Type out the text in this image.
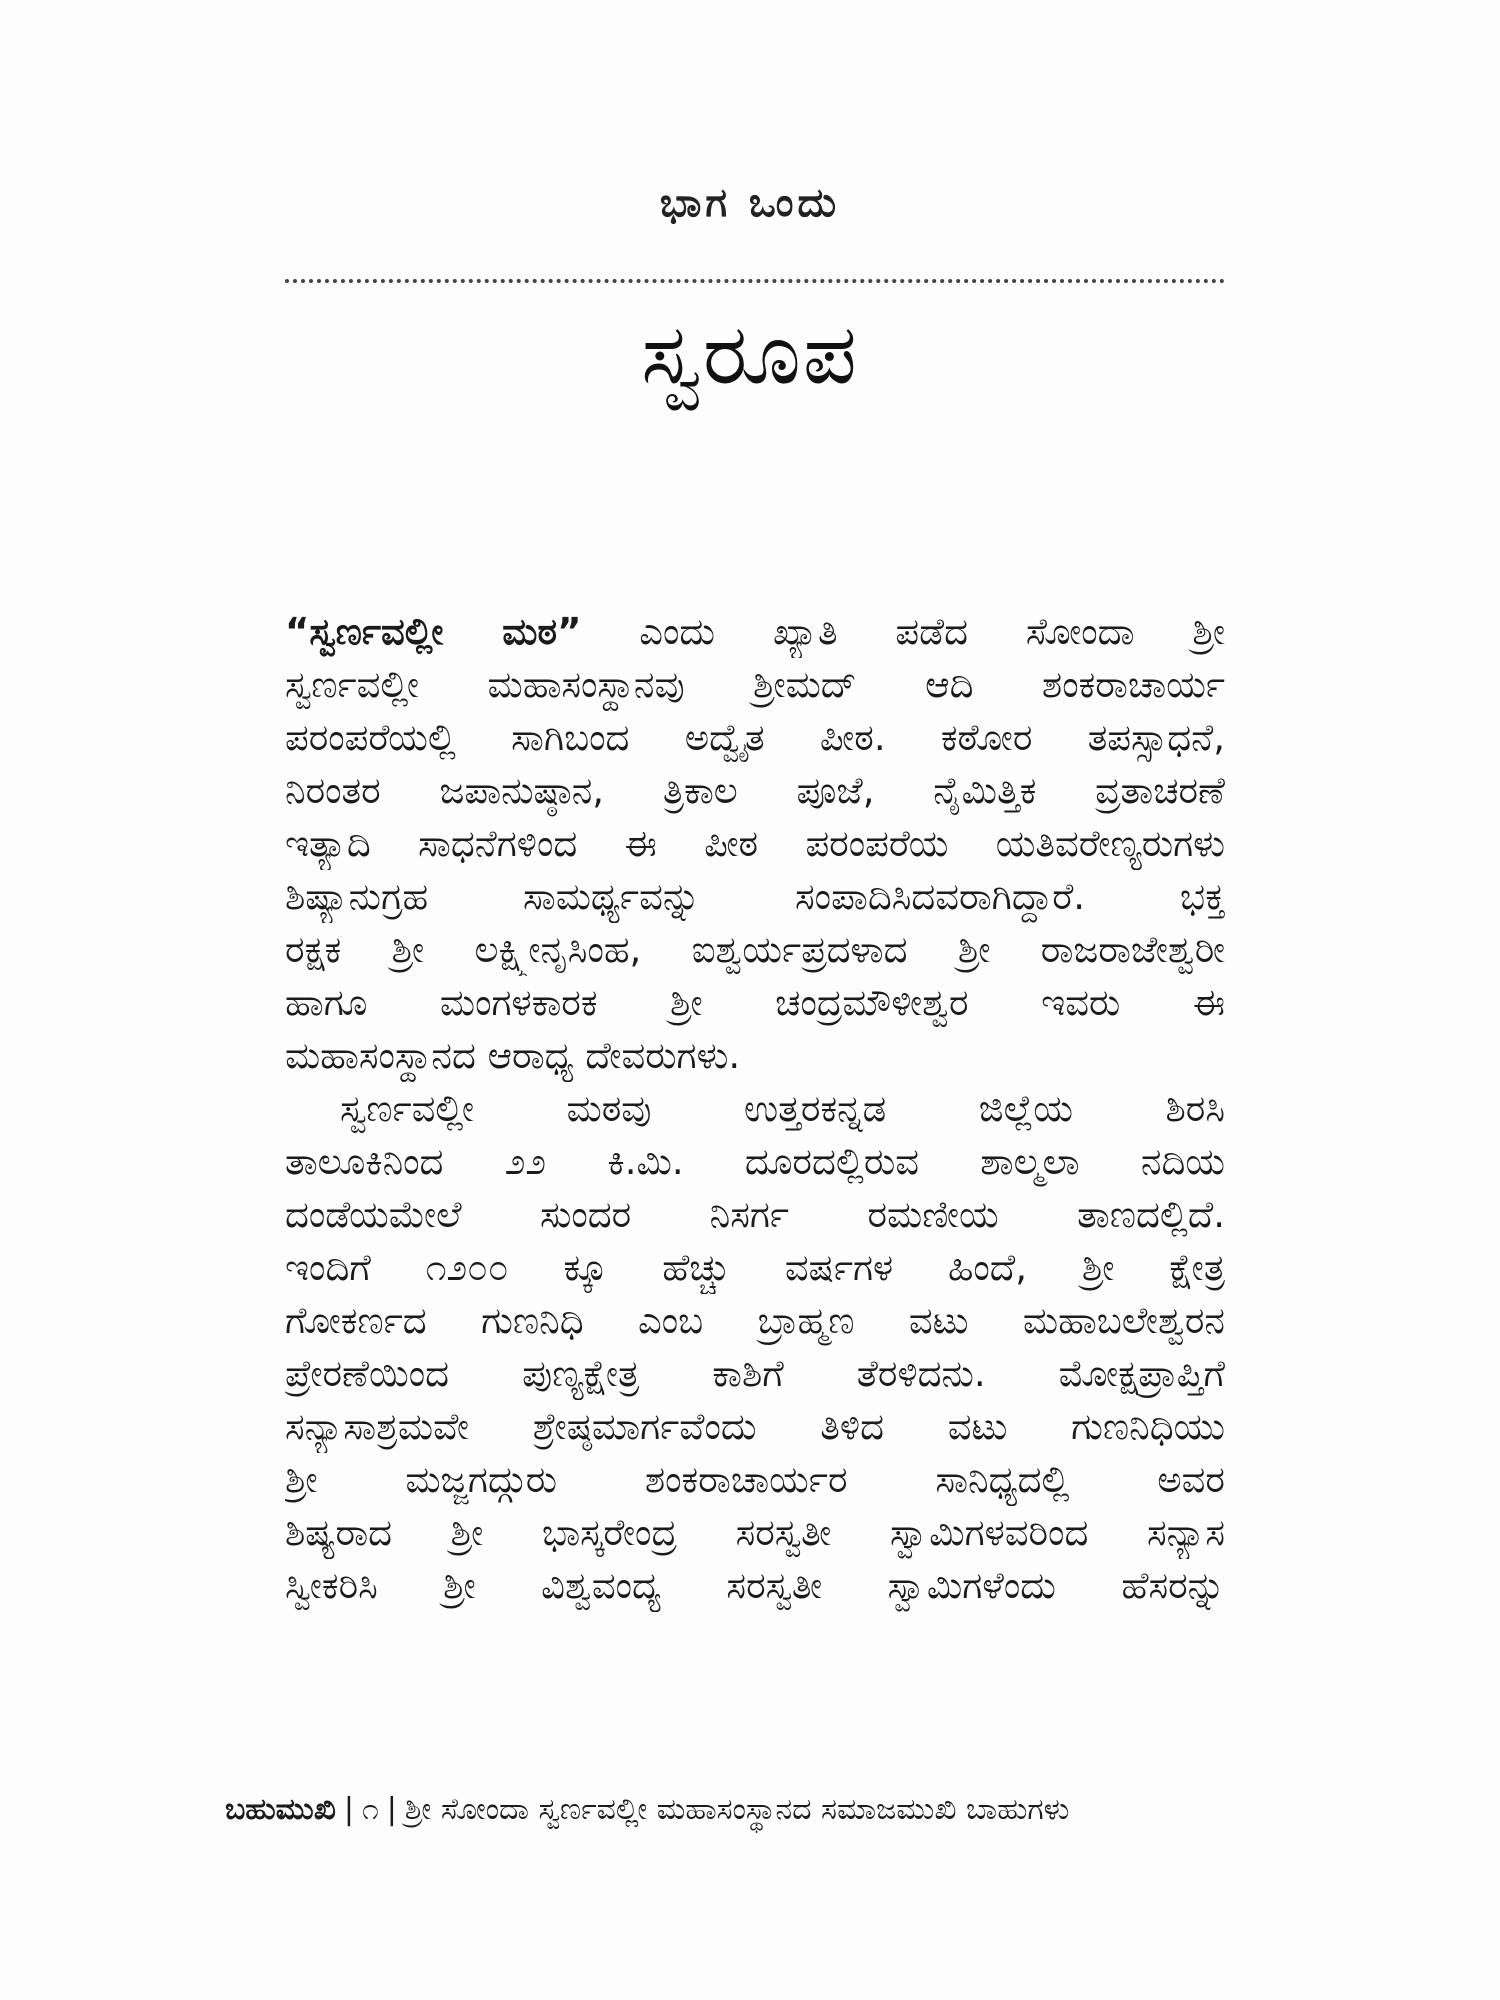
ಭಾಗ ಒಂದು
ಸ್ವರೂಪ
“ಸ್ವರ್ಣವಲ್ಲೀ ಮಠ” ಎಂದು ಖ್ಯಾತಿ ಪಡೆದ ಸೋಂದಾ ಶ್ರೀ
ಸ್ವರ್ಣವಲ್ಲೀ ಮಹಾಸಂಸ್ಥಾನವು ಶ್ರೀಮದ್ ಆದಿ ಶಂಕರಾಚಾರ್ಯ
ಪರಂಪರೆಯಲ್ಲಿ ಸಾಗಿಬಂದ ಅದ್ವೈತ ಪೀಠ. ಕಠೋರ ತಪಸ್ಸಾಧನೆ,
ನಿರಂತರ ಜಪಾನುಷ್ಠಾನ, ತ್ರಿಕಾಲ ಪೂಜೆ, ನೈಮಿತ್ತಿಕ ವ್ರತಾಚರಣೆ
ಇತ್ಯಾದಿ ಸಾಧನೆಗಳಿಂದ ಈ ಪೀಠ ಪರಂಪರೆಯ ಯತಿವರೇಣ್ಯರುಗಳು
ಶಿಷ್ಯಾನುಗ್ರಹ ಸಾಮರ್ಥ್ಯವನ್ನು ಸಂಪಾದಿಸಿದವರಾಗಿದ್ದಾರೆ. ಭಕ್ತ
ರಕ್ಷಕ ಶ್ರೀ ಲಕ್ಷ್ಮೀನೃಸಿಂಹ, ಐಶ್ವರ್ಯಪ್ರದಳಾದ ಶ್ರೀ ರಾಜರಾಜೇಶ್ವರೀ
ಹಾಗೂ ಮಂಗಳಕಾರಕ ಶ್ರೀ ಚಂದ್ರಮೌಳೀಶ್ವರ ಇವರು ಈ
ಮಹಾಸಂಸ್ಥಾನದ ಆರಾಧ್ಯ ದೇವರುಗಳು.
ಸ್ವರ್ಣವಲ್ಲೀ ಮಠವು ಉತ್ತರಕನ್ನಡ ಜಿಲ್ಲೆಯ ಶಿರಸಿ
ತಾಲೂಕಿನಿಂದ ೨೨ ಕಿ.ಮಿ. ದೂರದಲ್ಲಿರುವ ಶಾಲ್ಮಲಾ ನದಿಯ
ದಂಡೆಯಮೇಲೆ ಸುಂದರ ನಿಸರ್ಗ ರಮಣೀಯ ತಾಣದಲ್ಲಿದೆ.
ಇಂದಿಗೆ ೧೨೦೦ ಕ್ಕೂ ಹೆಚ್ಚು ವರ್ಷಗಳ ಹಿಂದೆ, ಶ್ರೀ ಕ್ಷೇತ್ರ
ಗೋಕರ್ಣದ ಗುಣನಿಧಿ ಎಂಬ ಬ್ರಾಹ್ಮಣ ವಟು ಮಹಾಬಲೇಶ್ವರನ
ಪ್ರೇರಣೆಯಿಂದ ಪುಣ್ಯಕ್ಷೇತ್ರ ಕಾಶಿಗೆ ತೆರಳಿದನು. ಮೋಕ್ಷಪ್ರಾಪ್ತಿಗೆ
ಸನ್ಯಾಸಾಶ್ರಮವೇ ಶ್ರೇಷ್ಠಮಾರ್ಗವೆಂದು ತಿಳಿದ ವಟು ಗುಣನಿಧಿಯು
ಶ್ರೀ ಮಜ್ಜಗದ್ಗುರು ಶಂಕರಾಚಾರ್ಯರ ಸಾನಿಧ್ಯದಲ್ಲಿ ಅವರ
ಶಿಷ್ಯರಾದ ಶ್ರೀ ಭಾಸ್ಕರೇಂದ್ರ ಸರಸ್ವತೀ ಸ್ವಾಮಿಗಳವರಿಂದ ಸನ್ಯಾಸ
ಸ್ವೀಕರಿಸಿ ಶ್ರೀ ವಿಶ್ವವಂದ್ಯ ಸರಸ್ವತೀ ಸ್ವಾಮಿಗಳೆಂದು ಹೆಸರನ್ನು
ಬಹುಮುಖಿ | ೧ | ಶ್ರೀ ಸೋಂದಾ ಸ್ವರ್ಣವಲ್ಲೀ ಮಹಾಸಂಸ್ಥಾನದ ಸಮಾಜಮುಖಿ ಬಾಹುಗಳು
